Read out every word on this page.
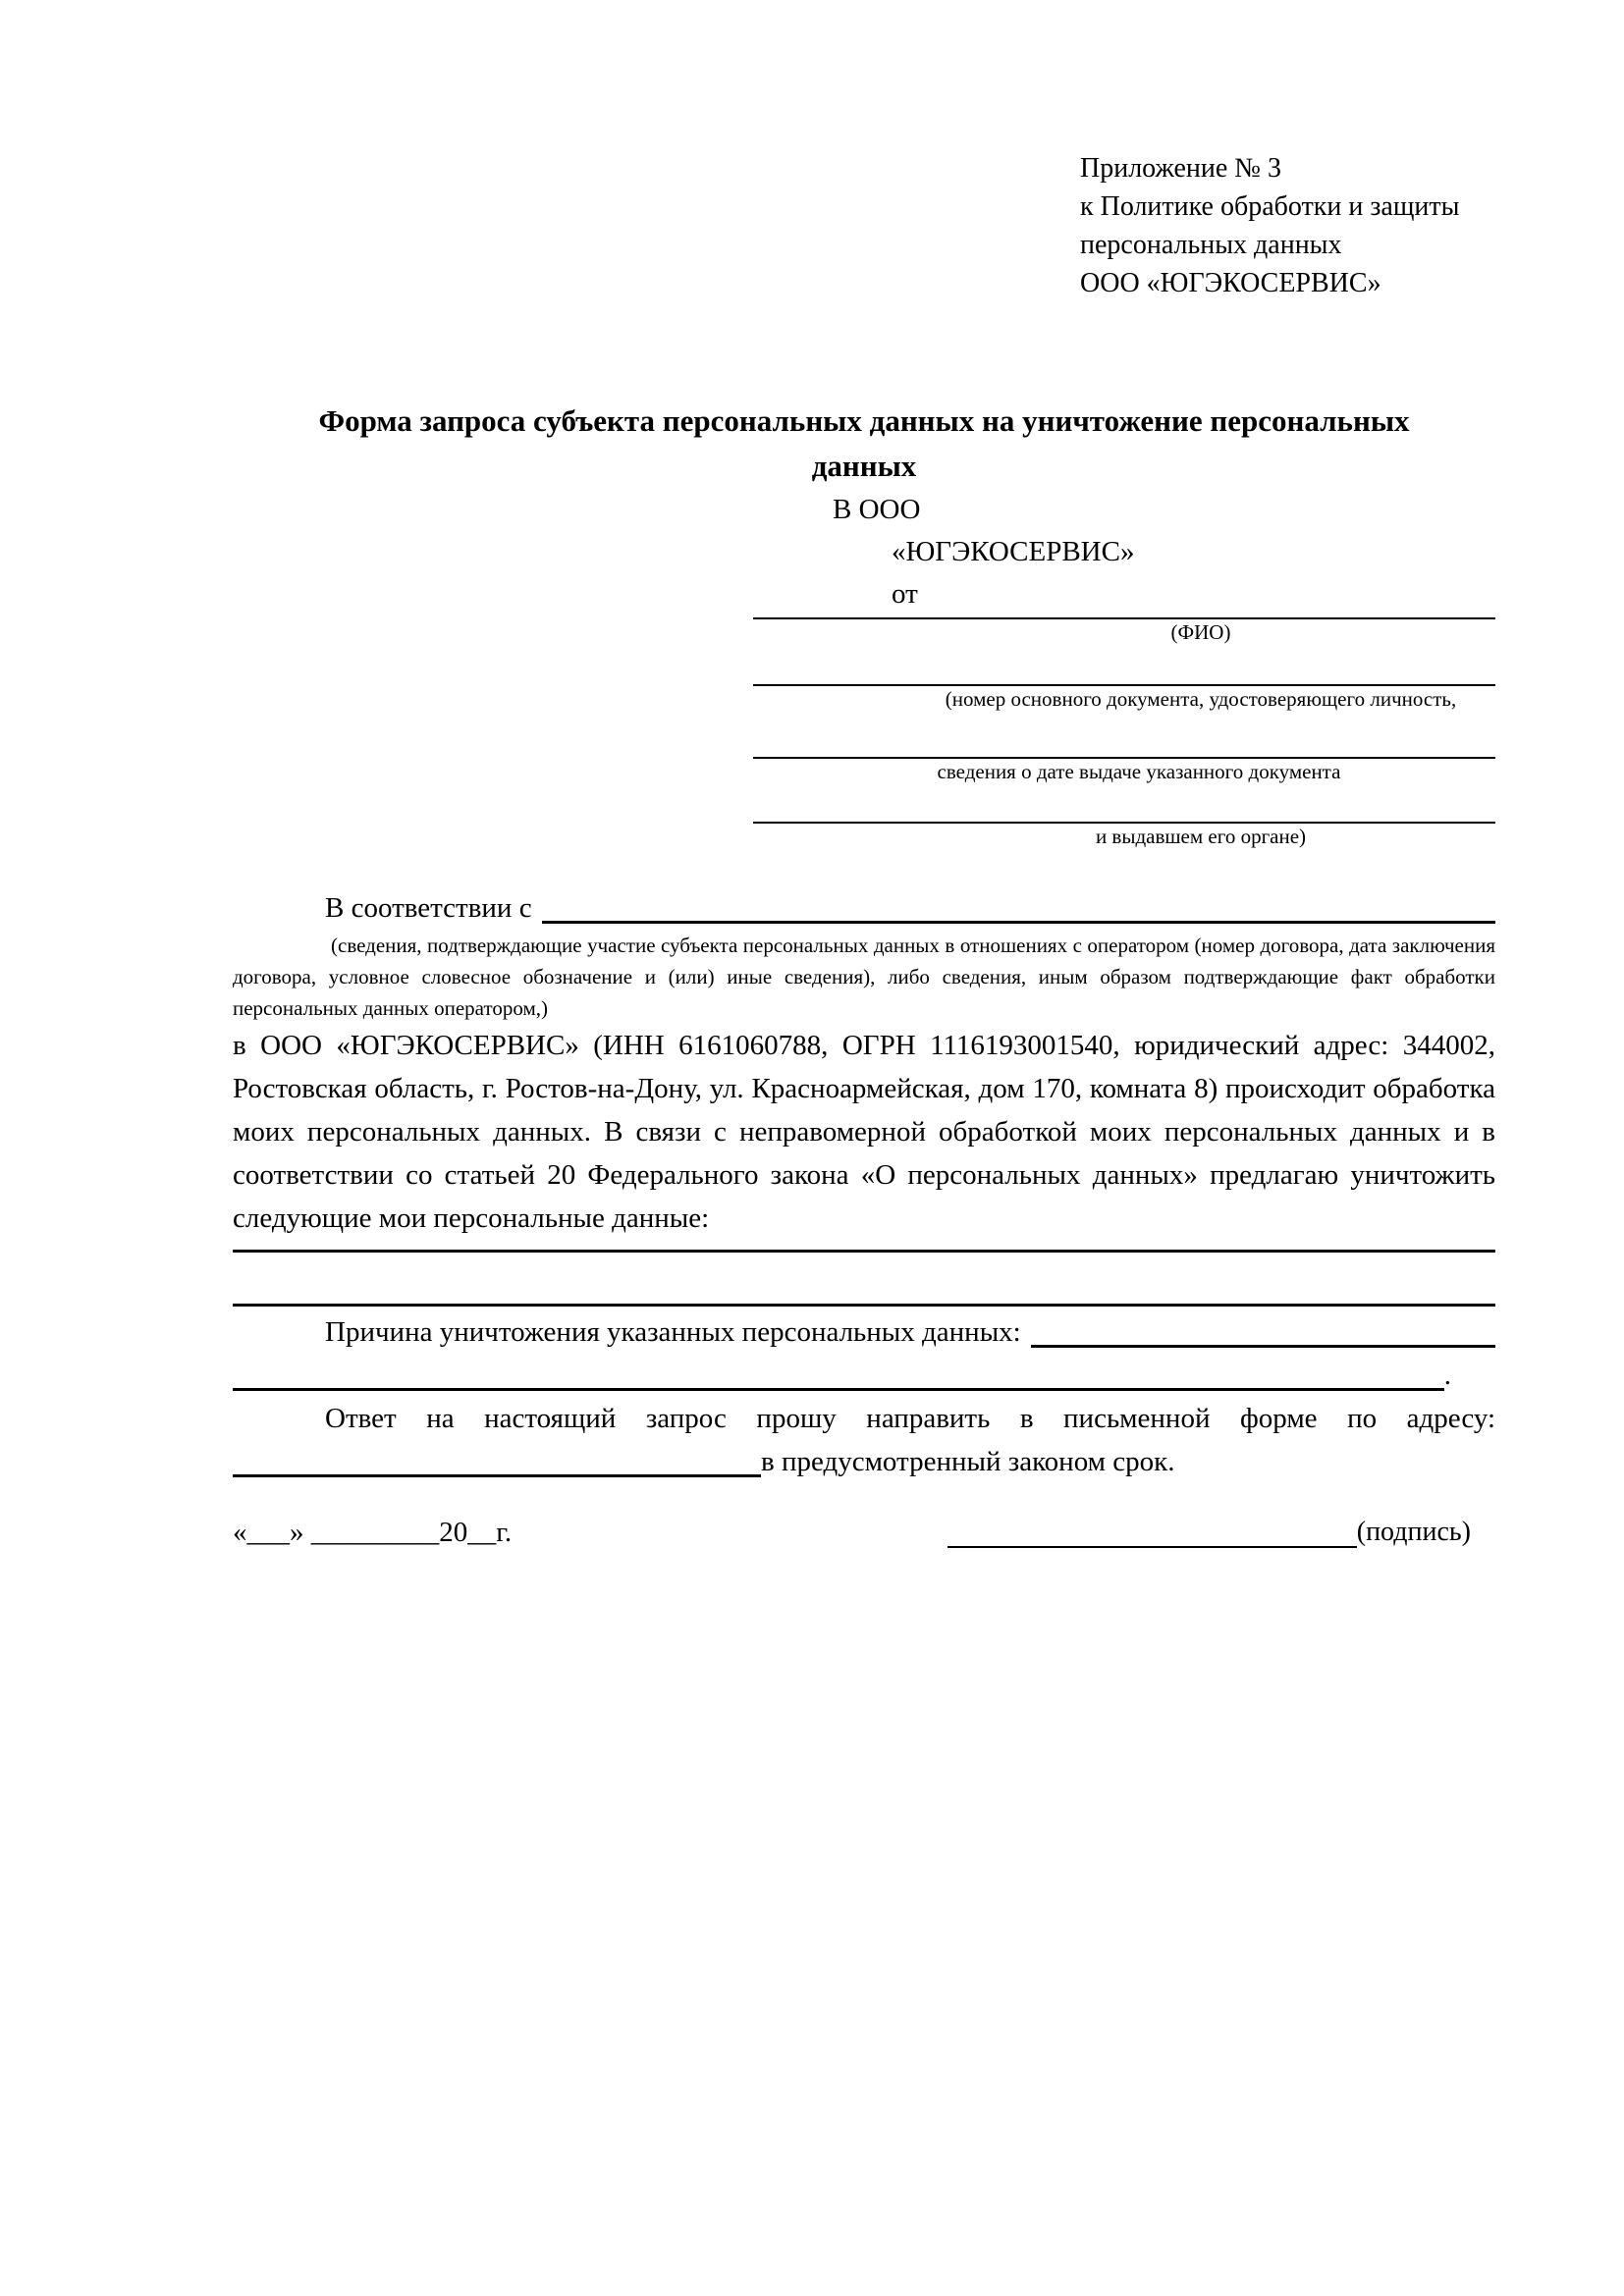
Приложение № 3
к Политике обработки и защиты
персональных данных
ООО «ЮГЭКОСЕРВИС»
Форма запроса субъекта персональных данных на уничтожение персональных данных
В ООО
«ЮГЭКОСЕРВИС»
от
(ФИО)
(номер основного документа, удостоверяющего личность,
сведения о дате выдаче указанного документа
и выдавшем его органе)
В соответствии с
(сведения, подтверждающие участие субъекта персональных данных в отношениях с оператором (номер договора, дата заключения договора, условное словесное обозначение и (или) иные сведения), либо сведения, иным образом подтверждающие факт обработки персональных данных оператором,)
в ООО «ЮГЭКОСЕРВИС» (ИНН 6161060788, ОГРН 1116193001540, юридический адрес: 344002, Ростовская область, г. Ростов-на-Дону, ул. Красноармейская, дом 170, комната 8) происходит обработка моих персональных данных. В связи с неправомерной обработкой моих персональных данных и в соответствии со статьей 20 Федерального закона «О персональных данных» предлагаю уничтожить следующие мои персональные данные:
Причина уничтожения указанных персональных данных:
.
Ответ на настоящий запрос прошу направить в письменной форме по адресу:
в предусмотренный законом срок.
«___» _________20__г.	(подпись)
